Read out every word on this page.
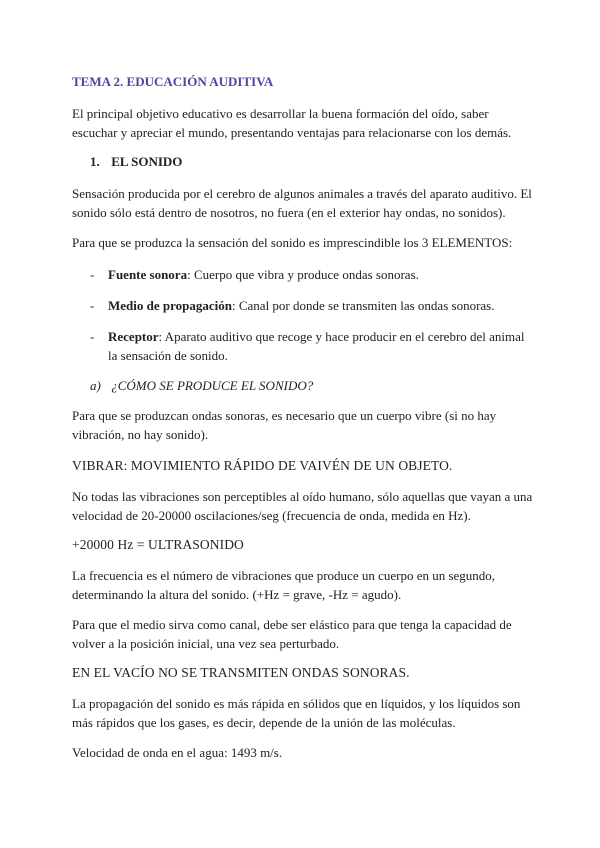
TEMA 2. EDUCACIÓN AUDITIVA

El principal objetivo educativo es desarrollar la buena formación del oído, saber escuchar y apreciar el mundo, presentando ventajas para relacionarse con los demás.

1. EL SONIDO

Sensación producida por el cerebro de algunos animales a través del aparato auditivo. El sonido sólo está dentro de nosotros, no fuera (en el exterior hay ondas, no sonidos).

Para que se produzca la sensación del sonido es imprescindible los 3 ELEMENTOS:

- Fuente sonora: Cuerpo que vibra y produce ondas sonoras.
- Medio de propagación: Canal por donde se transmiten las ondas sonoras.
- Receptor: Aparato auditivo que recoge y hace producir en el cerebro del animal la sensación de sonido.

a) ¿CÓMO SE PRODUCE EL SONIDO?

Para que se produzcan ondas sonoras, es necesario que un cuerpo vibre (si no hay vibración, no hay sonido).

VIBRAR: MOVIMIENTO RÁPIDO DE VAIVÉN DE UN OBJETO.

No todas las vibraciones son perceptibles al oído humano, sólo aquellas que vayan a una velocidad de 20-20000 oscilaciones/seg (frecuencia de onda, medida en Hz).

+20000 Hz = ULTRASONIDO

La frecuencia es el número de vibraciones que produce un cuerpo en un segundo, determinando la altura del sonido. (+Hz = grave, -Hz = agudo).

Para que el medio sirva como canal, debe ser elástico para que tenga la capacidad de volver a la posición inicial, una vez sea perturbado.

EN EL VACÍO NO SE TRANSMITEN ONDAS SONORAS.

La propagación del sonido es más rápida en sólidos que en líquidos, y los líquidos son más rápidos que los gases, es decir, depende de la unión de las moléculas.

Velocidad de onda en el agua: 1493 m/s.
